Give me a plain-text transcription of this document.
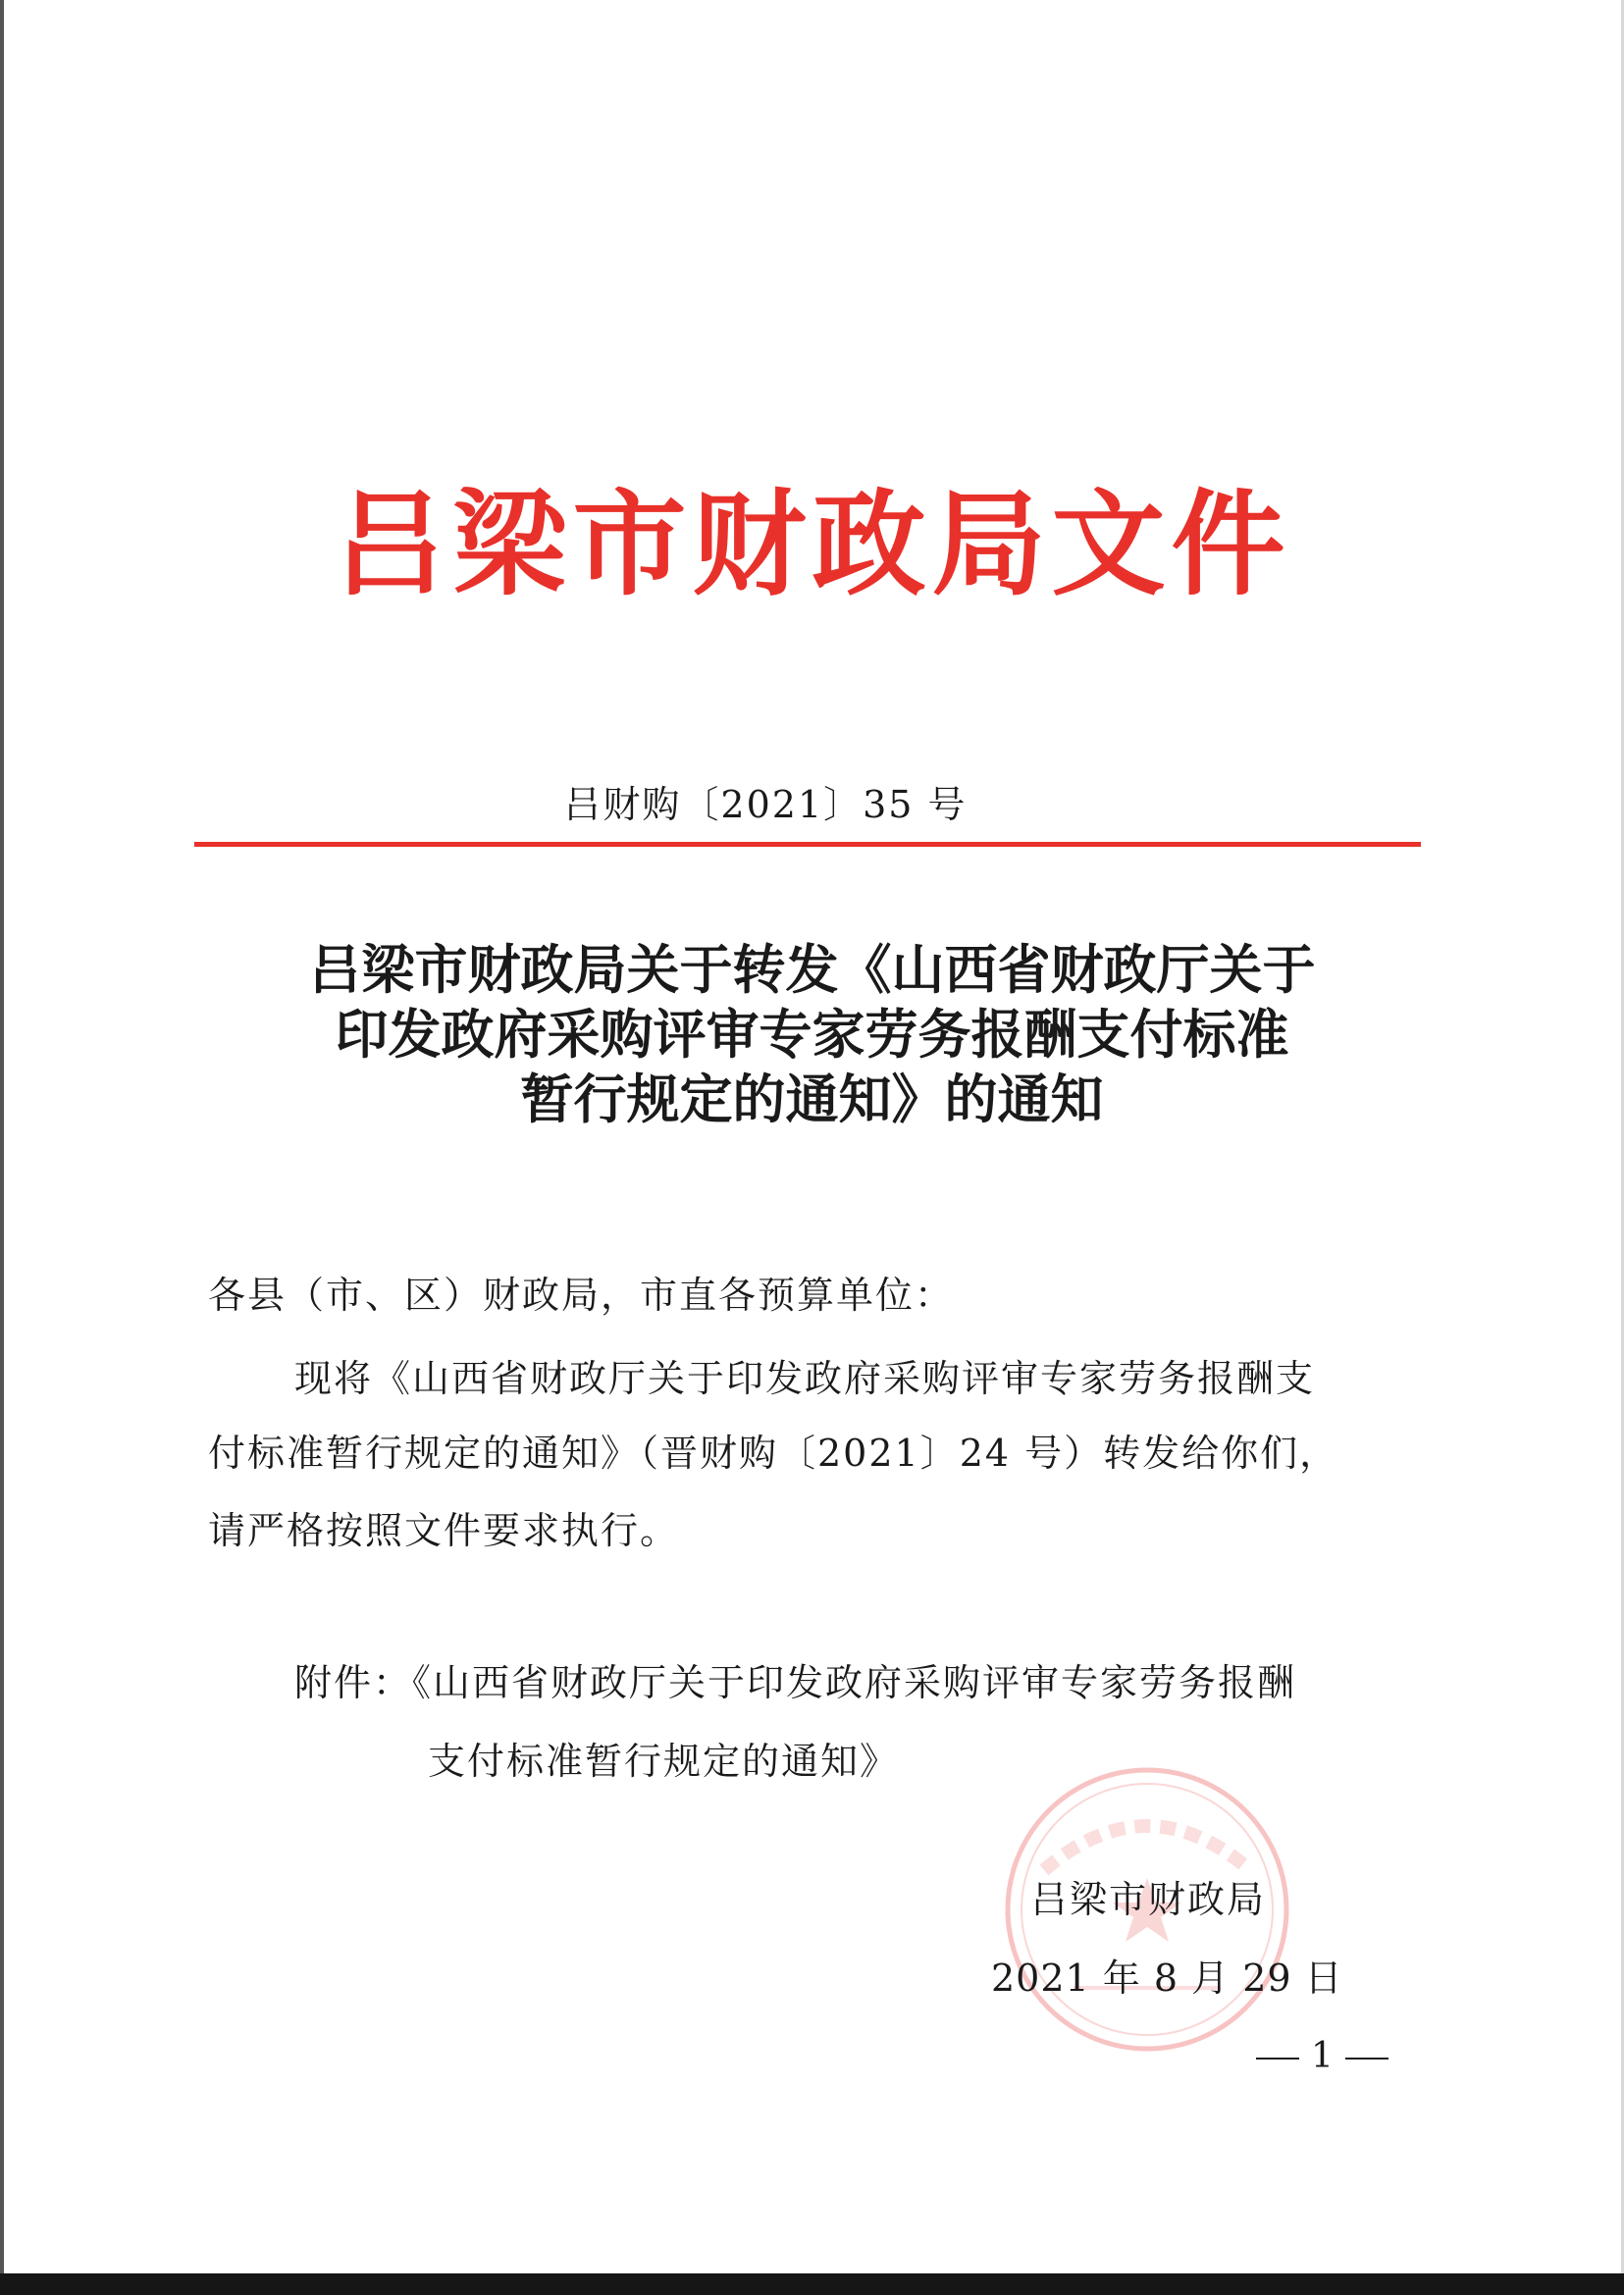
吕梁市财政局文件
吕财购〔2021〕35 号
吕梁市财政局关于转发《山西省财政厅关于
印发政府采购评审专家劳务报酬支付标准
暂行规定的通知》的通知
各县（市、区）财政局，市直各预算单位：
现将《山西省财政厅关于印发政府采购评审专家劳务报酬支
付标准暂行规定的通知》（晋财购〔2021〕24 号）转发给你们，
请严格按照文件要求执行。
附件：《山西省财政厅关于印发政府采购评审专家劳务报酬
支付标准暂行规定的通知》
吕梁市财政局
2021 年 8 月 29 日
1
